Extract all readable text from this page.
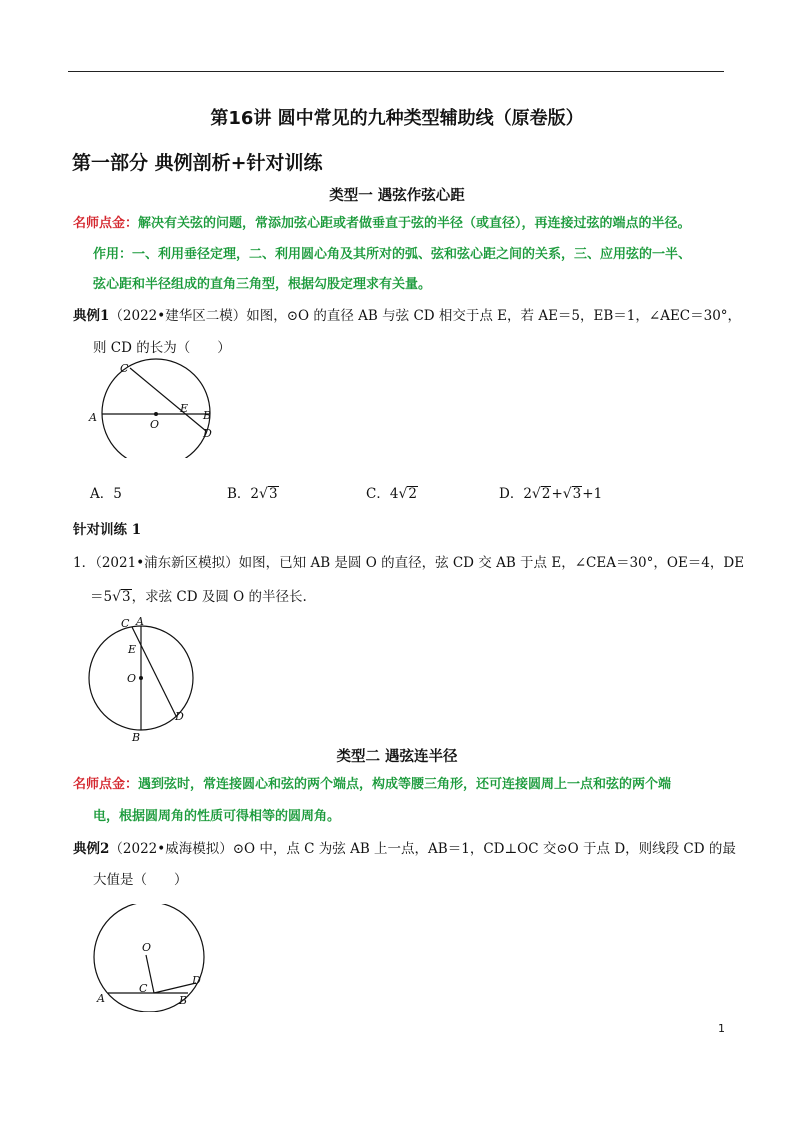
第16讲 圆中常见的九种类型辅助线（原卷版）
第一部分 典例剖析+针对训练
类型一 遇弦作弦心距
名师点金：解决有关弦的问题，常添加弦心距或者做垂直于弦的半径（或直径），再连接过弦的端点的半径。
作用：一、利用垂径定理，二、利用圆心角及其所对的弧、弦和弦心距之间的关系，三、应用弦的一半、
弦心距和半径组成的直角三角型，根据勾股定理求有关量。
典例1（2022•建华区二模）如图，⊙O 的直径 AB 与弦 CD 相交于点 E，若 AE＝5，EB＝1，∠AEC＝30°，
则 CD 的长为（　　）
C
A
O
E
B
D
A．5	B．2√3	C．4√2	D．2√2+√3+1
针对训练 1
1．（2021•浦东新区模拟）如图，已知 AB 是圆 O 的直径，弦 CD 交 AB 于点 E，∠CEA＝30°，OE＝4，DE
＝5√3，求弦 CD 及圆 O 的半径长.
C A
E
O
D
B
类型二 遇弦连半径
名师点金：遇到弦时，常连接圆心和弦的两个端点，构成等腰三角形，还可连接圆周上一点和弦的两个端
电，根据圆周角的性质可得相等的圆周角。
典例2（2022•威海模拟）⊙O 中，点 C 为弦 AB 上一点，AB＝1，CD⊥OC 交⊙O 于点 D，则线段 CD 的最
大值是（　　）
O
D
A
C
B
1
